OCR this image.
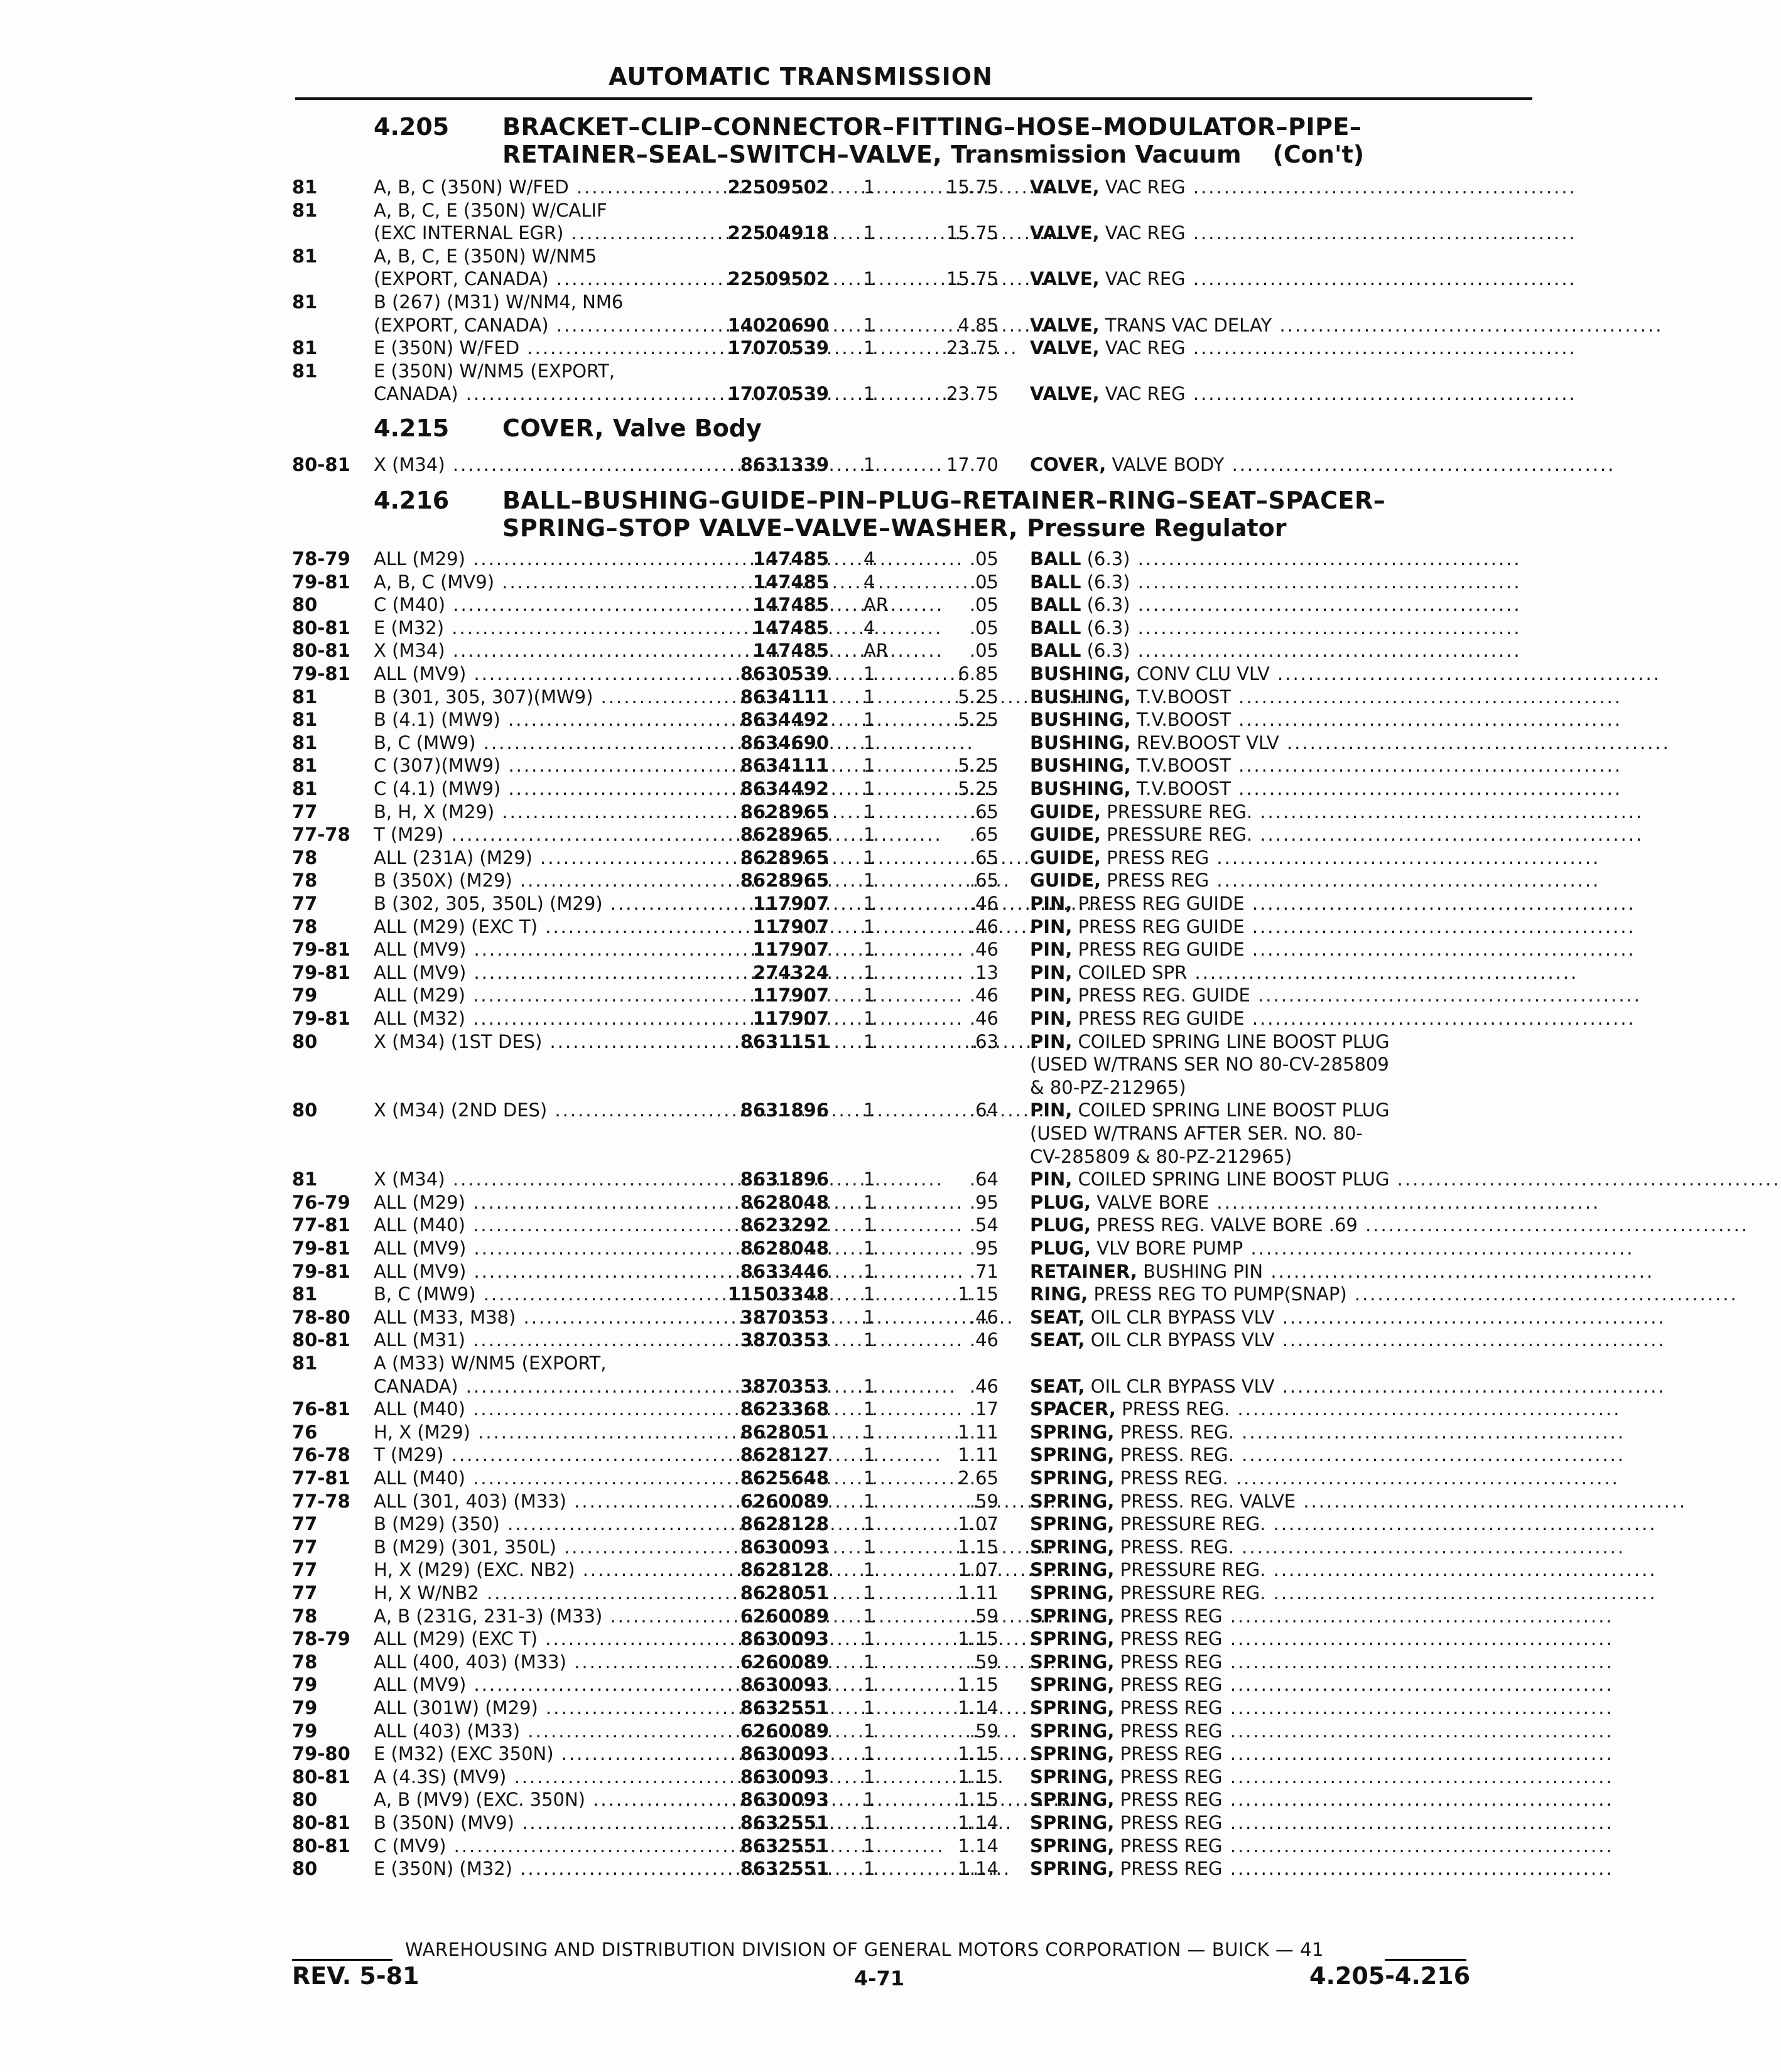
AUTOMATIC TRANSMISSION
4.205 BRACKET–CLIP–CONNECTOR–FITTING–HOSE–MODULATOR–PIPE–
RETAINER–SEAL–SWITCH–VALVE, Transmission Vacuum (Con't)
81	A, B, C (350N) W/FED .....	22509502 1	15.75 VALVE, VAC REG ..................................................
81	A, B, C, E (350N) W/CALIF
(EXC INTERNAL EGR) .....	22504918 1	15.75 VALVE, VAC REG ..................................................
81	A, B, C, E (350N) W/NM5
(EXPORT, CANADA) .....	22509502 1	15.75 VALVE, VAC REG ..................................................
81	B (267) (M31) W/NM4, NM6
(EXPORT, CANADA) .....	14020690 1	4.85 VALVE, TRANS VAC DELAY ..................................................
81	E (350N) W/FED .....	17070539 1	23.75 VALVE, VAC REG ..................................................
81	E (350N) W/NM5 (EXPORT,
CANADA) .....	17070539 1	23.75 VALVE, VAC REG ..................................................
4.215 COVER, Valve Body
80-81 X (M34) .....	8631339 1	17.70 COVER, VALVE BODY ..................................................
4.216 BALL–BUSHING–GUIDE–PIN–PLUG–RETAINER–RING–SEAT–SPACER–
SPRING–STOP VALVE–VALVE–WASHER, Pressure Regulator
78-79 ALL (M29) .....	147485 4	.05 BALL (6.3) ..................................................
79-81 A, B, C (MV9) .....	147485 4	.05 BALL (6.3) ..................................................
80	C (M40) .....	147485 AR	.05 BALL (6.3) ..................................................
80-81 E (M32) .....	147485 4	.05 BALL (6.3) ..................................................
80-81 X (M34) .....	147485 AR	.05 BALL (6.3) ..................................................
79-81 ALL (MV9) .....	8630539 1	6.85 BUSHING, CONV CLU VLV ..................................................
81	B (301, 305, 307)(MW9) .....	8634111 1	5.25 BUSHING, T.V.BOOST ..................................................
81	B (4.1) (MW9) .....	8634492 1	5.25 BUSHING, T.V.BOOST ..................................................
81	B, C (MW9) .....	8634690 1	BUSHING, REV.BOOST VLV ..................................................
81	C (307)(MW9) .....	8634111 1	5.25 BUSHING, T.V.BOOST ..................................................
81	C (4.1) (MW9) .....	8634492 1	5.25 BUSHING, T.V.BOOST ..................................................
77	B, H, X (M29) .....	8628965 1	.65 GUIDE, PRESSURE REG. ..................................................
77-78 T (M29) .....	8628965 1	.65 GUIDE, PRESSURE REG. ..................................................
78	ALL (231A) (M29) .....	8628965 1	.65 GUIDE, PRESS REG ..................................................
78	B (350X) (M29) .....	8628965 1	.65 GUIDE, PRESS REG ..................................................
77	B (302, 305, 350L) (M29) .....	117907 1	.46 PIN, PRESS REG GUIDE ..................................................
78	ALL (M29) (EXC T) .....	117907 1	.46 PIN, PRESS REG GUIDE ..................................................
79-81 ALL (MV9) .....	117907 1	.46 PIN, PRESS REG GUIDE ..................................................
79-81 ALL (MV9) .....	274324 1	.13 PIN, COILED SPR ..................................................
79	ALL (M29) .....	117907 1	.46 PIN, PRESS REG. GUIDE ..................................................
79-81 ALL (M32) .....	117907 1	.46 PIN, PRESS REG GUIDE ..................................................
80	X (M34) (1ST DES) .....	8631151 1	.63 PIN, COILED SPRING LINE BOOST PLUG
(USED W/TRANS SER NO 80-CV-285809
& 80-PZ-212965)
80	X (M34) (2ND DES) .....	8631896 1	.64 PIN, COILED SPRING LINE BOOST PLUG
(USED W/TRANS AFTER SER. NO. 80-
CV-285809 & 80-PZ-212965)
81	X (M34) .....	8631896 1	.64 PIN, COILED SPRING LINE BOOST PLUG ..................................................
76-79 ALL (M29) .....	8628048 1	.95 PLUG, VALVE BORE ..................................................
77-81 ALL (M40) .....	8623292 1	.54 PLUG, PRESS REG. VALVE BORE .69 ..................................................
79-81 ALL (MV9) .....	8628048 1	.95 PLUG, VLV BORE PUMP ..................................................
79-81 ALL (MV9) .....	8633446 1	.71 RETAINER, BUSHING PIN ..................................................
81	B, C (MW9) .....	11503348 1	1.15 RING, PRESS REG TO PUMP(SNAP) ..................................................
78-80 ALL (M33, M38) .....	3870353 1	.46 SEAT, OIL CLR BYPASS VLV ..................................................
80-81 ALL (M31) .....	3870353 1	.46 SEAT, OIL CLR BYPASS VLV ..................................................
81	A (M33) W/NM5 (EXPORT,
CANADA) .....	3870353 1	.46 SEAT, OIL CLR BYPASS VLV ..................................................
76-81 ALL (M40) .....	8623368 1	.17 SPACER, PRESS REG. ..................................................
76	H, X (M29) .....	8628051 1	1.11 SPRING, PRESS. REG. ..................................................
76-78 T (M29) .....	8628127 1	1.11 SPRING, PRESS. REG. ..................................................
77-81 ALL (M40) .....	8625648 1	2.65 SPRING, PRESS REG. ..................................................
77-78 ALL (301, 403) (M33) .....	6260089 1	.59 SPRING, PRESS. REG. VALVE ..................................................
77	B (M29) (350) .....	8628128 1	1.07 SPRING, PRESSURE REG. ..................................................
77	B (M29) (301, 350L) .....	8630093 1	1.15 SPRING, PRESS. REG. ..................................................
77	H, X (M29) (EXC. NB2) .....	8628128 1	1.07 SPRING, PRESSURE REG. ..................................................
77	H, X W/NB2 .....	8628051 1	1.11 SPRING, PRESSURE REG. ..................................................
78	A, B (231G, 231-3) (M33) .....	6260089 1	.59 SPRING, PRESS REG ..................................................
78-79 ALL (M29) (EXC T) .....	8630093 1	1.15 SPRING, PRESS REG ..................................................
78	ALL (400, 403) (M33) .....	6260089 1	.59 SPRING, PRESS REG ..................................................
79	ALL (MV9) .....	8630093 1	1.15 SPRING, PRESS REG ..................................................
79	ALL (301W) (M29) .....	8632551 1	1.14 SPRING, PRESS REG ..................................................
79	ALL (403) (M33) .....	6260089 1	.59 SPRING, PRESS REG ..................................................
79-80 E (M32) (EXC 350N) .....	8630093 1	1.15 SPRING, PRESS REG ..................................................
80-81 A (4.3S) (MV9) .....	8630093 1	1.15 SPRING, PRESS REG ..................................................
80	A, B (MV9) (EXC. 350N) .....	8630093 1	1.15 SPRING, PRESS REG ..................................................
80-81 B (350N) (MV9) .....	8632551 1	1.14 SPRING, PRESS REG ..................................................
80-81 C (MV9) .....	8632551 1	1.14 SPRING, PRESS REG ..................................................
80	E (350N) (M32) .....	8632551 1	1.14 SPRING, PRESS REG ..................................................
WAREHOUSING AND DISTRIBUTION DIVISION OF GENERAL MOTORS CORPORATION — BUICK — 41
REV. 5-81	4-71	4.205-4.216
